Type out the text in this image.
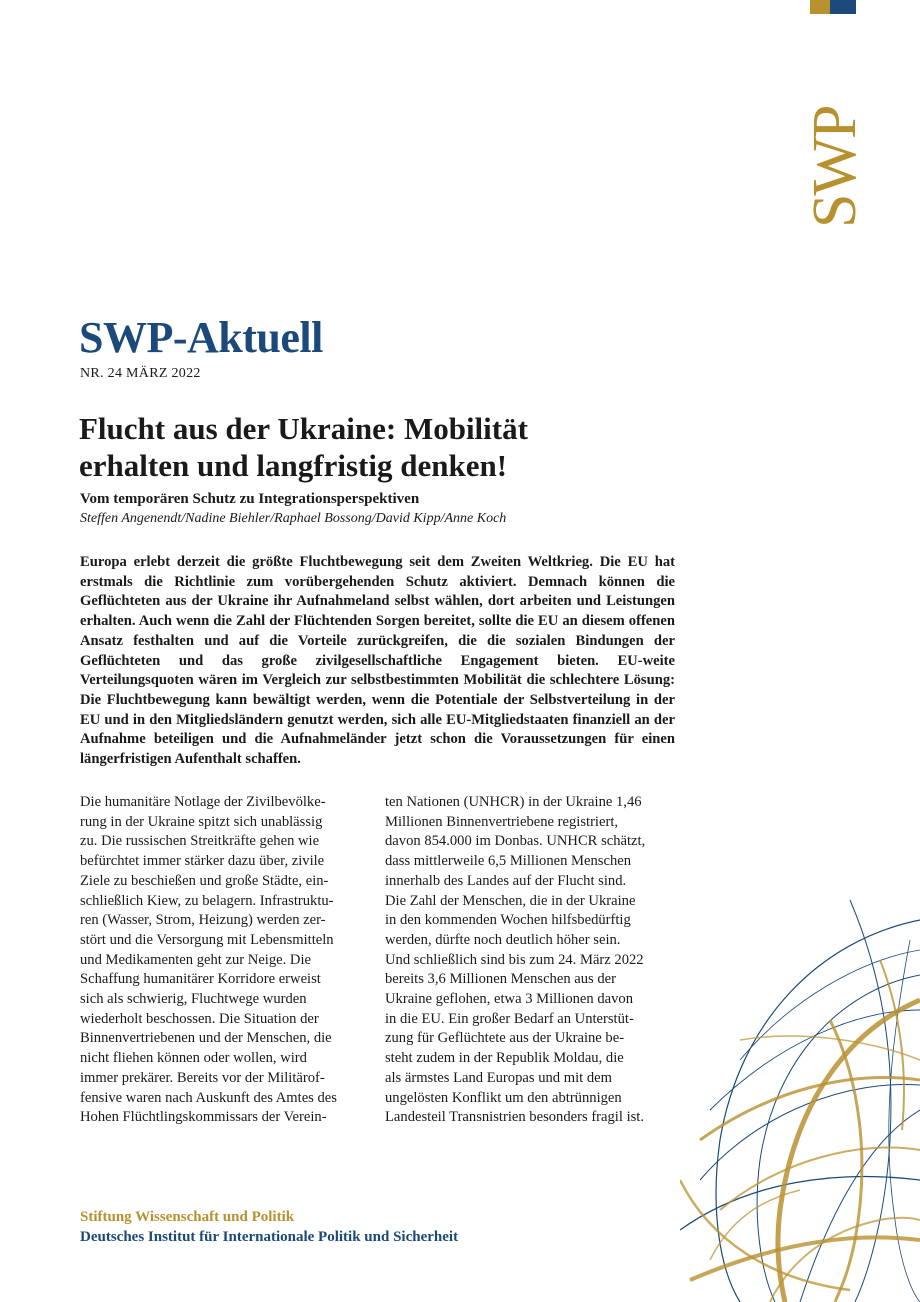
SWP
SWP-Aktuell
NR. 24 MÄRZ 2022
Flucht aus der Ukraine: Mobilität
erhalten und langfristig denken!
Vom temporären Schutz zu Integrationsperspektiven
Steffen Angenendt/Nadine Biehler/Raphael Bossong/David Kipp/Anne Koch

Europa erlebt derzeit die größte Fluchtbewegung seit dem Zweiten Weltkrieg. Die EU hat erstmals die Richtlinie zum vorübergehenden Schutz aktiviert. Demnach können die Geflüchteten aus der Ukraine ihr Aufnahmeland selbst wählen, dort arbeiten und Leistungen erhalten. Auch wenn die Zahl der Flüchtenden Sorgen bereitet, sollte die EU an diesem offenen Ansatz festhalten und auf die Vorteile zurückgreifen, die die sozialen Bindungen der Geflüchteten und das große zivilgesellschaftliche Engagement bieten. EU-weite Verteilungsquoten wären im Vergleich zur selbstbestimmten Mobilität die schlechtere Lösung: Die Fluchtbewegung kann bewältigt werden, wenn die Potentiale der Selbstverteilung in der EU und in den Mitgliedsländern genutzt werden, sich alle EU-Mitgliedstaaten finanziell an der Aufnahme beteiligen und die Aufnahmeländer jetzt schon die Voraussetzungen für einen längerfristigen Aufenthalt schaffen.

Die humanitäre Notlage der Zivilbevölke-
rung in der Ukraine spitzt sich unablässig
zu. Die russischen Streitkräfte gehen wie
befürchtet immer stärker dazu über, zivile
Ziele zu beschießen und große Städte, ein-
schließlich Kiew, zu belagern. Infrastruktu-
ren (Wasser, Strom, Heizung) werden zer-
stört und die Versorgung mit Lebensmitteln
und Medikamenten geht zur Neige. Die
Schaffung humanitärer Korridore erweist
sich als schwierig, Fluchtwege wurden
wiederholt beschossen. Die Situation der
Binnenvertriebenen und der Menschen, die
nicht fliehen können oder wollen, wird
immer prekärer. Bereits vor der Militärof-
fensive waren nach Auskunft des Amtes des
Hohen Flüchtlingskommissars der Verein-
ten Nationen (UNHCR) in der Ukraine 1,46
Millionen Binnenvertriebene registriert,
davon 854.000 im Donbas. UNHCR schätzt,
dass mittlerweile 6,5 Millionen Menschen
innerhalb des Landes auf der Flucht sind.
Die Zahl der Menschen, die in der Ukraine
in den kommenden Wochen hilfsbedürftig
werden, dürfte noch deutlich höher sein.
Und schließlich sind bis zum 24. März 2022
bereits 3,6 Millionen Menschen aus der
Ukraine geflohen, etwa 3 Millionen davon
in die EU. Ein großer Bedarf an Unterstüt-
zung für Geflüchtete aus der Ukraine be-
steht zudem in der Republik Moldau, die
als ärmstes Land Europas und mit dem
ungelösten Konflikt um den abtrünnigen
Landesteil Transnistrien besonders fragil ist.
Stiftung Wissenschaft und Politik
Deutsches Institut für Internationale Politik und Sicherheit
